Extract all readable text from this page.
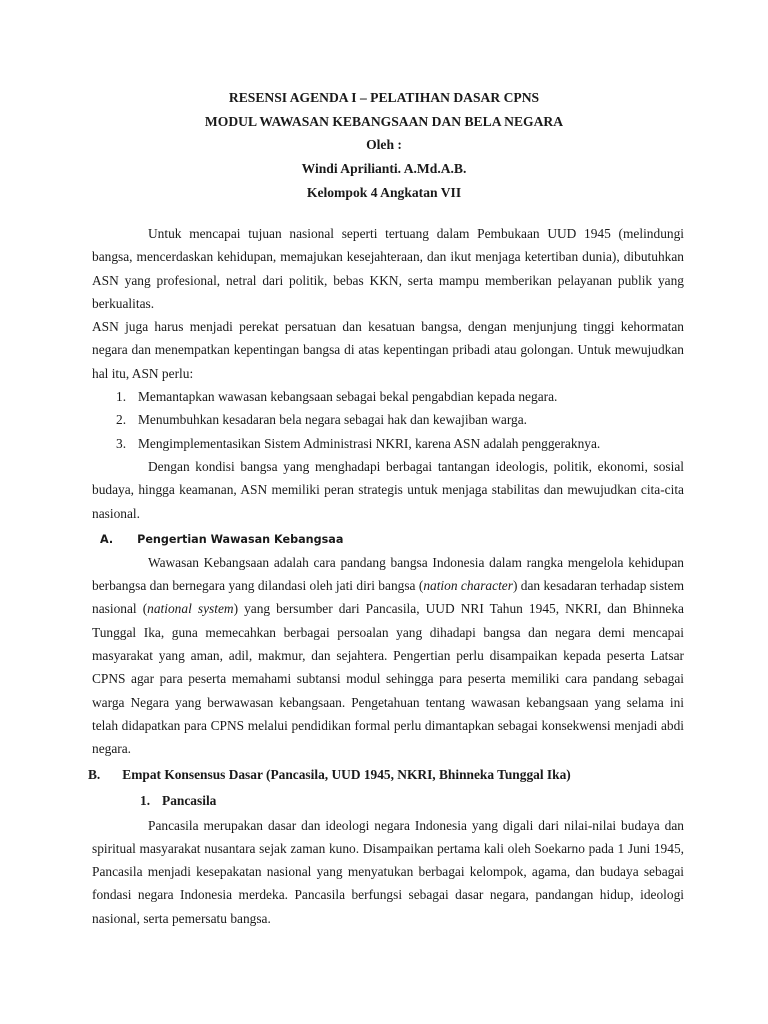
RESENSI AGENDA I – PELATIHAN DASAR CPNS
MODUL WAWASAN KEBANGSAAN DAN BELA NEGARA
Oleh :
Windi Aprilianti. A.Md.A.B.
Kelompok 4 Angkatan VII

Untuk mencapai tujuan nasional seperti tertuang dalam Pembukaan UUD 1945 (melindungi bangsa, mencerdaskan kehidupan, memajukan kesejahteraan, dan ikut menjaga ketertiban dunia), dibutuhkan ASN yang profesional, netral dari politik, bebas KKN, serta mampu memberikan pelayanan publik yang berkualitas.

ASN juga harus menjadi perekat persatuan dan kesatuan bangsa, dengan menjunjung tinggi kehormatan negara dan menempatkan kepentingan bangsa di atas kepentingan pribadi atau golongan. Untuk mewujudkan hal itu, ASN perlu:

1. Memantapkan wawasan kebangsaan sebagai bekal pengabdian kepada negara.
2. Menumbuhkan kesadaran bela negara sebagai hak dan kewajiban warga.
3. Mengimplementasikan Sistem Administrasi NKRI, karena ASN adalah penggeraknya.

Dengan kondisi bangsa yang menghadapi berbagai tantangan ideologis, politik, ekonomi, sosial budaya, hingga keamanan, ASN memiliki peran strategis untuk menjaga stabilitas dan mewujudkan cita-cita nasional.

A. Pengertian Wawasan Kebangsaa

Wawasan Kebangsaan adalah cara pandang bangsa Indonesia dalam rangka mengelola kehidupan berbangsa dan bernegara yang dilandasi oleh jati diri bangsa (nation character) dan kesadaran terhadap sistem nasional (national system) yang bersumber dari Pancasila, UUD NRI Tahun 1945, NKRI, dan Bhinneka Tunggal Ika, guna memecahkan berbagai persoalan yang dihadapi bangsa dan negara demi mencapai masyarakat yang aman, adil, makmur, dan sejahtera. Pengertian perlu disampaikan kepada peserta Latsar CPNS agar para peserta memahami subtansi modul sehingga para peserta memiliki cara pandang sebagai warga Negara yang berwawasan kebangsaan. Pengetahuan tentang wawasan kebangsaan yang selama ini telah didapatkan para CPNS melalui pendidikan formal perlu dimantapkan sebagai konsekwensi menjadi abdi negara.

B. Empat Konsensus Dasar (Pancasila, UUD 1945, NKRI, Bhinneka Tunggal Ika)
1. Pancasila

Pancasila merupakan dasar dan ideologi negara Indonesia yang digali dari nilai-nilai budaya dan spiritual masyarakat nusantara sejak zaman kuno. Disampaikan pertama kali oleh Soekarno pada 1 Juni 1945, Pancasila menjadi kesepakatan nasional yang menyatukan berbagai kelompok, agama, dan budaya sebagai fondasi negara Indonesia merdeka. Pancasila berfungsi sebagai dasar negara, pandangan hidup, ideologi nasional, serta pemersatu bangsa.
